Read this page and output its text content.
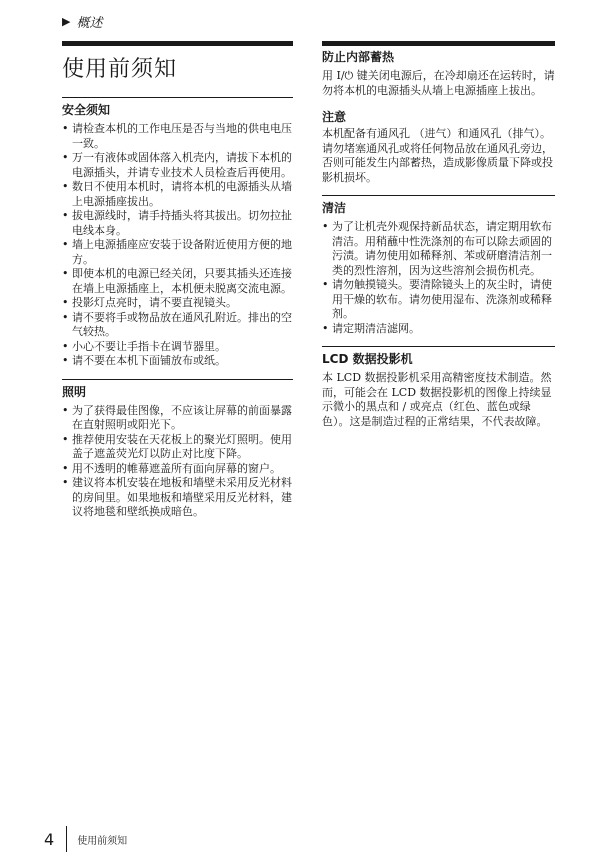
▶ 概述
使用前须知
安全须知
• 请检查本机的工作电压是否与当地的供电电压一致。
• 万一有液体或固体落入机壳内，请拔下本机的电源插头，并请专业技术人员检查后再使用。
• 数日不使用本机时，请将本机的电源插头从墙上电源插座拔出。
• 拔电源线时，请手持插头将其拔出。切勿拉扯电线本身。
• 墙上电源插座应安装于设备附近使用方便的地方。
• 即使本机的电源已经关闭，只要其插头还连接在墙上电源插座上，本机便未脱离交流电源。
• 投影灯点亮时，请不要直视镜头。
• 请不要将手或物品放在通风孔附近。排出的空气较热。
• 小心不要让手指卡在调节器里。
• 请不要在本机下面铺放布或纸。
照明
• 为了获得最佳图像，不应该让屏幕的前面暴露在直射照明或阳光下。
• 推荐使用安装在天花板上的聚光灯照明。使用盖子遮盖荧光灯以防止对比度下降。
• 用不透明的帷幕遮盖所有面向屏幕的窗户。
• 建议将本机安装在地板和墙壁未采用反光材料的房间里。如果地板和墙壁采用反光材料，建议将地毯和壁纸换成暗色。
防止内部蓄热

用 I/⏻ 键关闭电源后，在冷却扇还在运转时，请勿将本机的电源插头从墙上电源插座上拔出。

注意

本机配备有通风孔 （进气）和通风孔（排气）。请勿堵塞通风孔或将任何物品放在通风孔旁边，否则可能发生内部蓄热，造成影像质量下降或投影机损坏。

清洁
• 为了让机壳外观保持新品状态，请定期用软布清洁。用稍蘸中性洗涤剂的布可以除去顽固的污渍。请勿使用如稀释剂、苯或研磨清洁剂一类的烈性溶剂，因为这些溶剂会损伤机壳。
• 请勿触摸镜头。要清除镜头上的灰尘时，请使用干燥的软布。请勿使用湿布、洗涤剂或稀释剂。
• 请定期清洁滤网。
LCD 数据投影机

本 LCD 数据投影机采用高精密度技术制造。然而，可能会在 LCD 数据投影机的图像上持续显示微小的黑点和 / 或亮点（红色、蓝色或绿色）。这是制造过程的正常结果，不代表故障。

4 使用前须知
